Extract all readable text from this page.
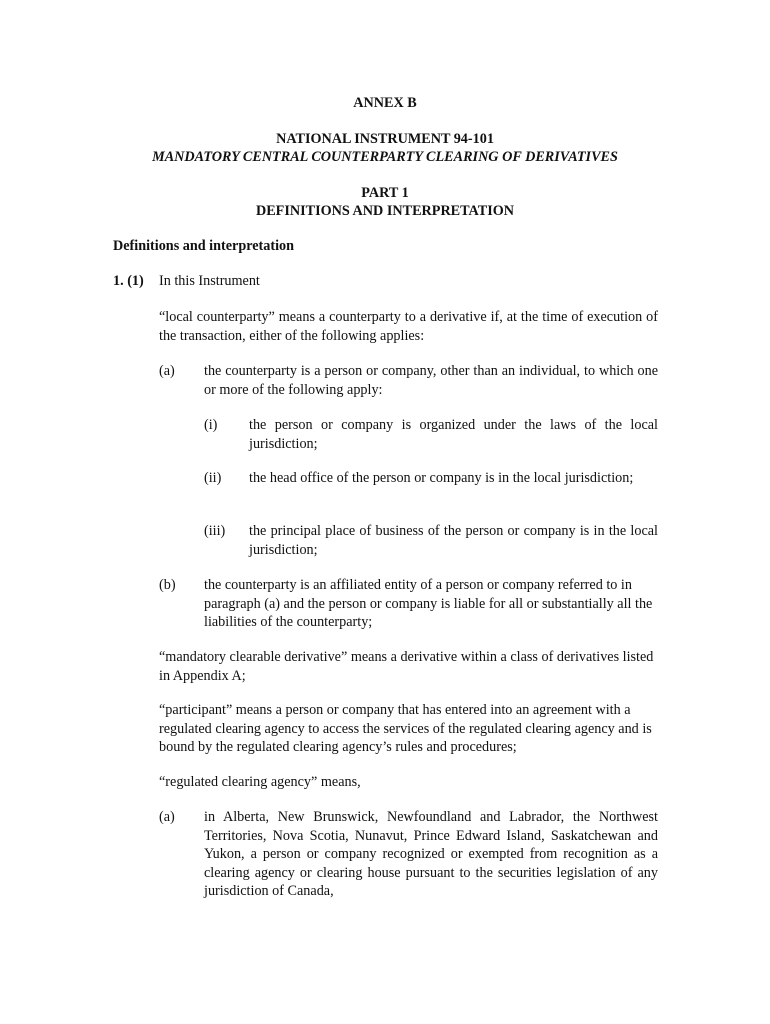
ANNEX B
NATIONAL INSTRUMENT 94-101
MANDATORY CENTRAL COUNTERPARTY CLEARING OF DERIVATIVES
PART 1
DEFINITIONS AND INTERPRETATION
Definitions and interpretation
1. (1) In this Instrument
“local counterparty” means a counterparty to a derivative if, at the time of execution of the transaction, either of the following applies:
(a) the counterparty is a person or company, other than an individual, to which one or more of the following apply:
(i) the person or company is organized under the laws of the local jurisdiction;
(ii) the head office of the person or company is in the local jurisdiction;
(iii) the principal place of business of the person or company is in the local jurisdiction;
(b) the counterparty is an affiliated entity of a person or company referred to in paragraph (a) and the person or company is liable for all or substantially all the liabilities of the counterparty;
“mandatory clearable derivative” means a derivative within a class of derivatives listed in Appendix A;
“participant” means a person or company that has entered into an agreement with a regulated clearing agency to access the services of the regulated clearing agency and is bound by the regulated clearing agency’s rules and procedures;
“regulated clearing agency” means,
(a) in Alberta, New Brunswick, Newfoundland and Labrador, the Northwest Territories, Nova Scotia, Nunavut, Prince Edward Island, Saskatchewan and Yukon, a person or company recognized or exempted from recognition as a clearing agency or clearing house pursuant to the securities legislation of any jurisdiction of Canada,
